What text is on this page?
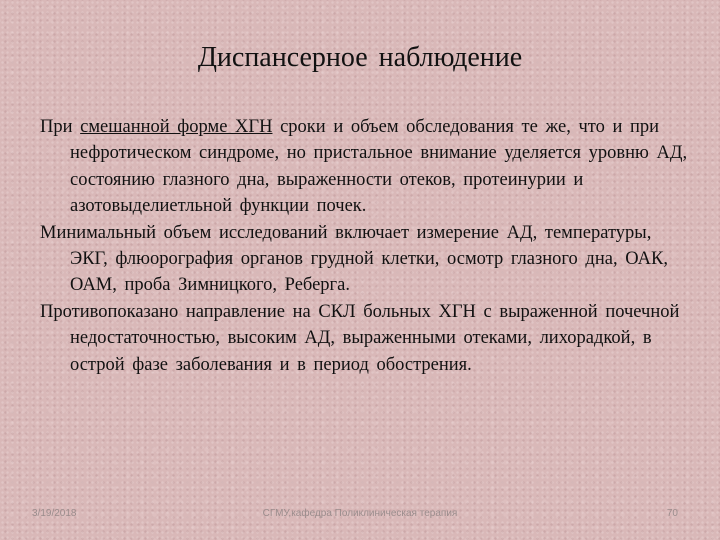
Диспансерное наблюдение

При смешанной форме ХГН сроки и объем обследования те же, что и при нефротическом синдроме, но пристальное внимание уделяется уровню АД, состоянию глазного дна, выраженности отеков, протеинурии и азотовыделиетльной функции почек.

Минимальный объем исследований включает измерение АД, температуры, ЭКГ, флюорография органов грудной клетки, осмотр глазного дна, ОАК, ОАМ, проба Зимницкого, Реберга.

Противопоказано направление на СКЛ больных ХГН с выраженной почечной недостаточностью, высоким АД, выраженными отеками, лихорадкой, в острой фазе заболевания и в период обострения.

3/19/2018	СГМУ,кафедра Поликлиническая терапия	70
